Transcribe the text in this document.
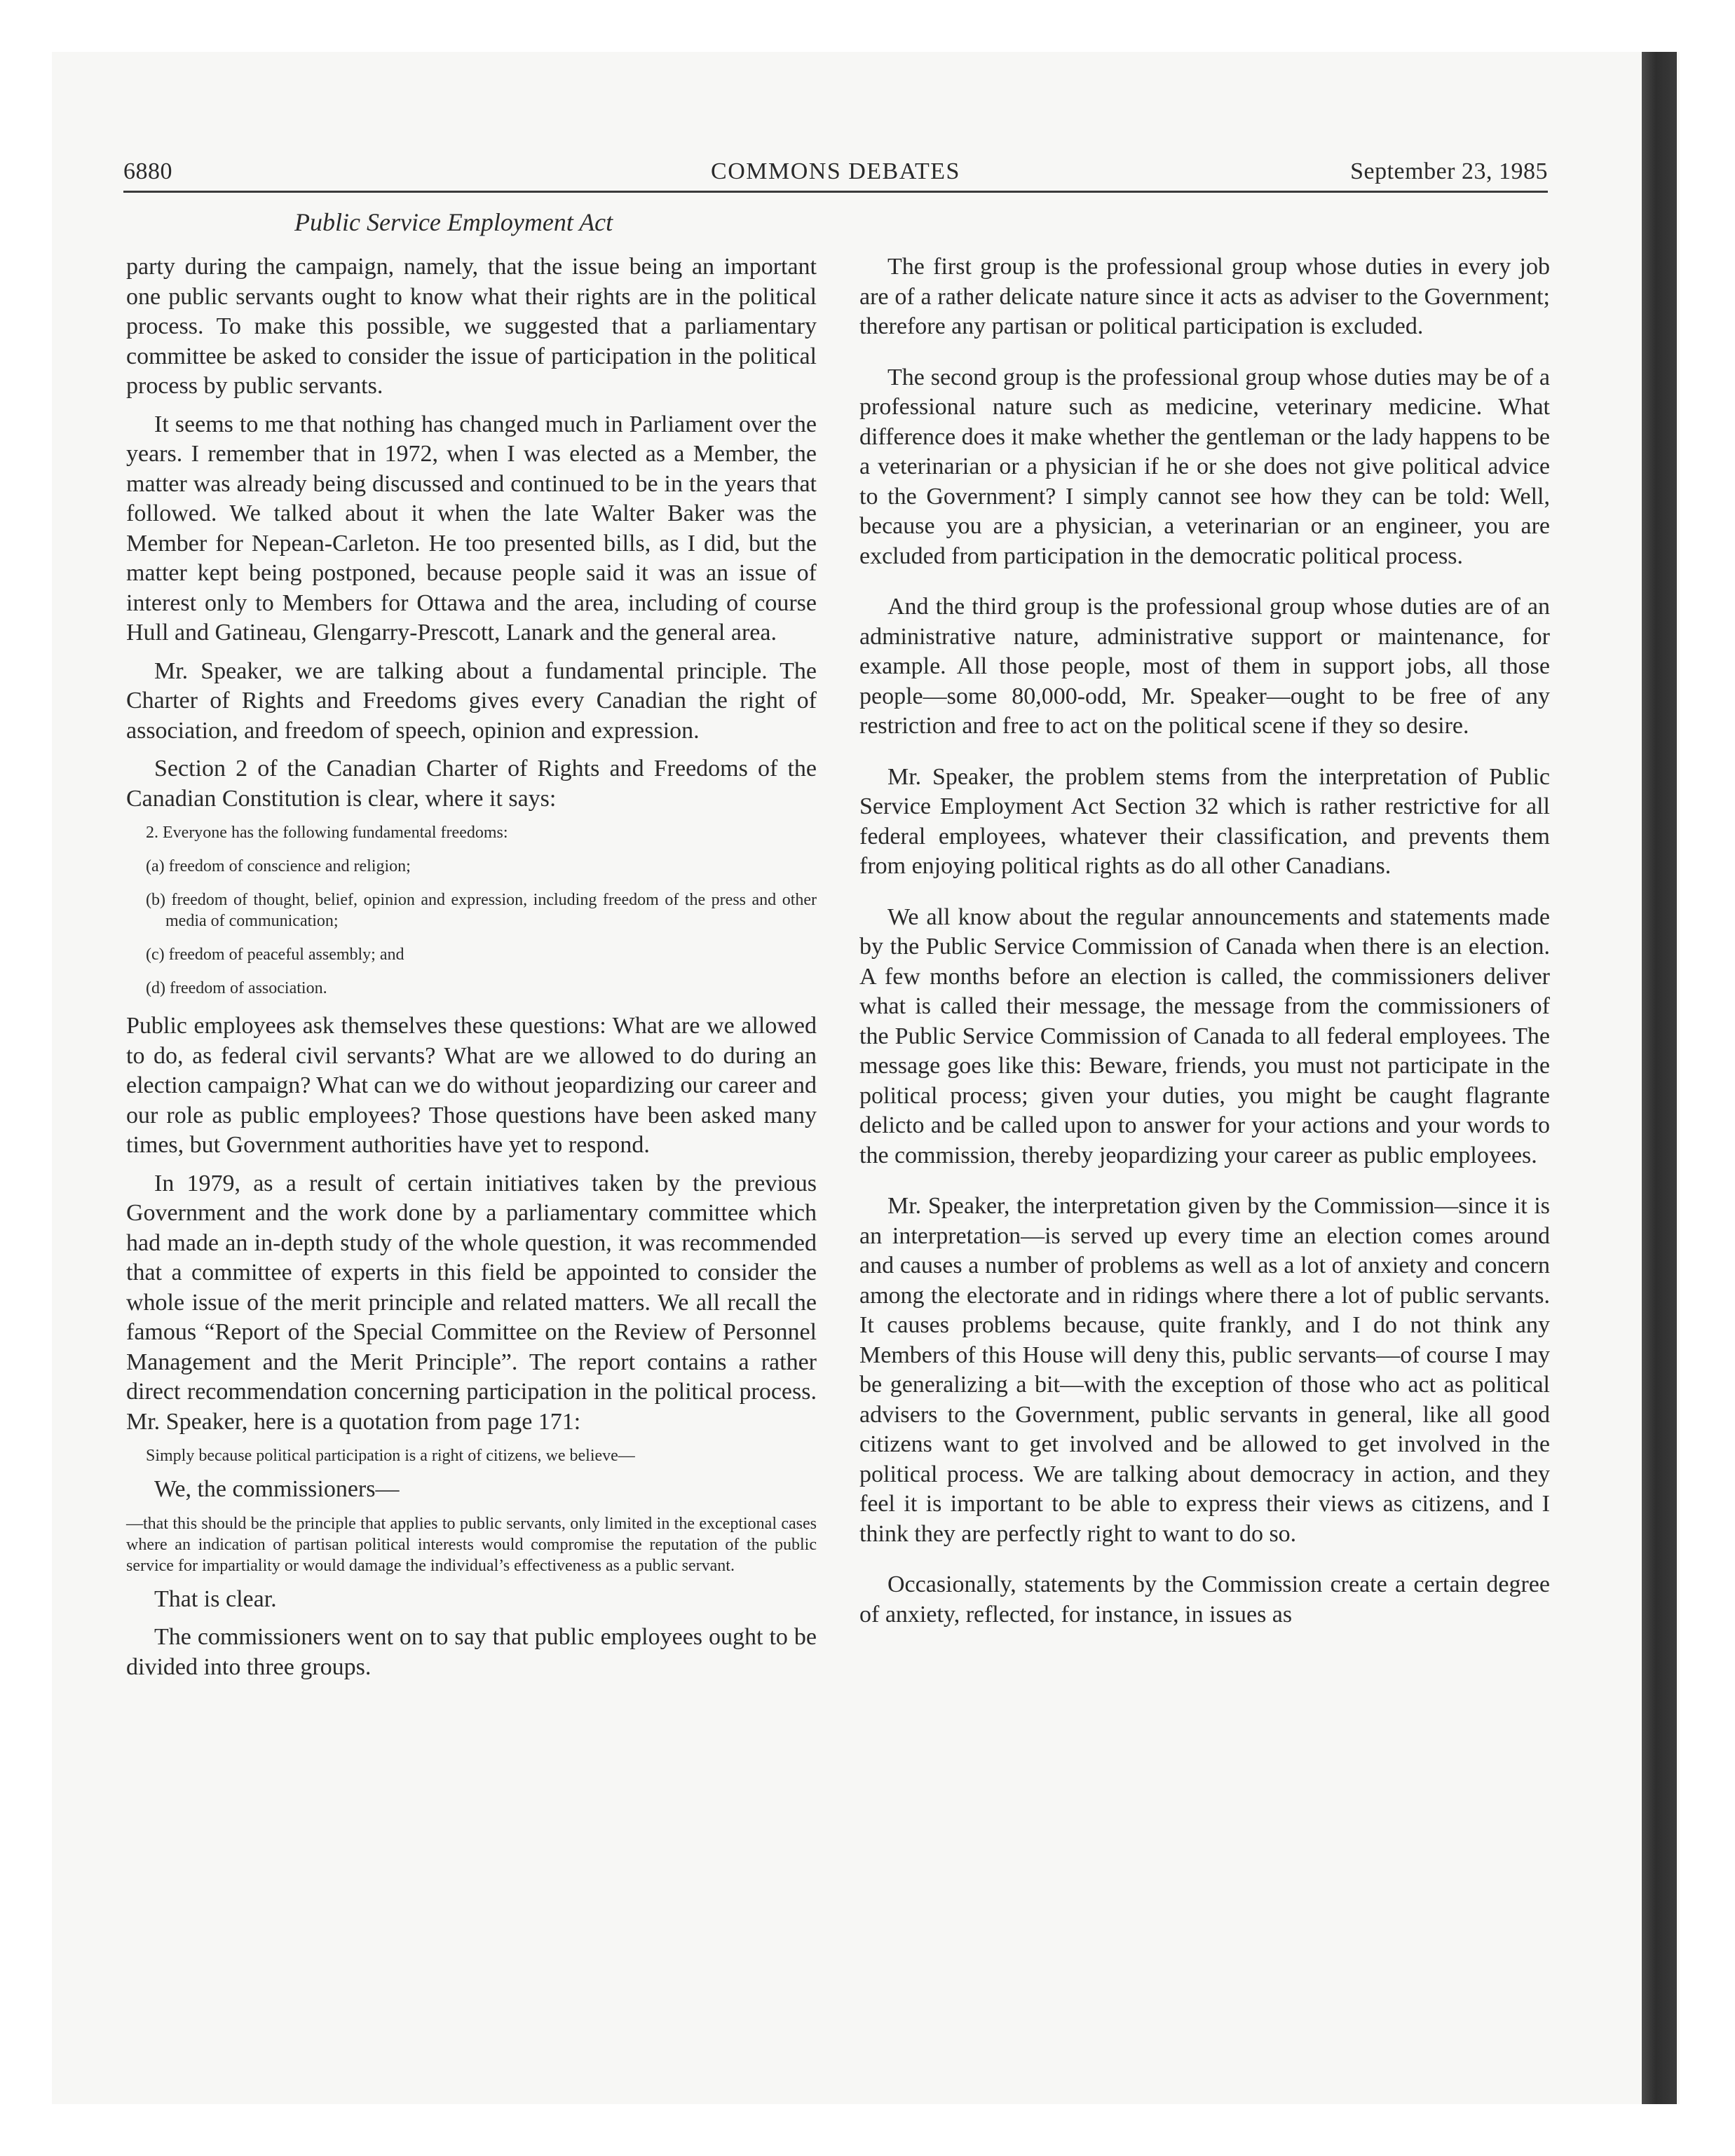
6880	COMMONS DEBATES	September 23, 1985
Public Service Employment Act

party during the campaign, namely, that the issue being an important one public servants ought to know what their rights are in the political process. To make this possible, we suggested that a parliamentary committee be asked to consider the issue of participation in the political process by public servants.

It seems to me that nothing has changed much in Parliament over the years. I remember that in 1972, when I was elected as a Member, the matter was already being discussed and continued to be in the years that followed. We talked about it when the late Walter Baker was the Member for Nepean-Carleton. He too presented bills, as I did, but the matter kept being postponed, because people said it was an issue of interest only to Members for Ottawa and the area, including of course Hull and Gatineau, Glengarry-Prescott, Lanark and the general area.

Mr. Speaker, we are talking about a fundamental principle. The Charter of Rights and Freedoms gives every Canadian the right of association, and freedom of speech, opinion and expression.

Section 2 of the Canadian Charter of Rights and Freedoms of the Canadian Constitution is clear, where it says:

2. Everyone has the following fundamental freedoms:
(a) freedom of conscience and religion;
(b) freedom of thought, belief, opinion and expression, including freedom of the press and other media of communication;
(c) freedom of peaceful assembly; and
(d) freedom of association.

Public employees ask themselves these questions: What are we allowed to do, as federal civil servants? What are we allowed to do during an election campaign? What can we do without jeopardizing our career and our role as public employees? Those questions have been asked many times, but Government authorities have yet to respond.

In 1979, as a result of certain initiatives taken by the previous Government and the work done by a parliamentary committee which had made an in-depth study of the whole question, it was recommended that a committee of experts in this field be appointed to consider the whole issue of the merit principle and related matters. We all recall the famous “Report of the Special Committee on the Review of Personnel Management and the Merit Principle”. The report contains a rather direct recommendation concerning participation in the political process. Mr. Speaker, here is a quotation from page 171:

Simply because political participation is a right of citizens, we believe—
We, the commissioners—
—that this should be the principle that applies to public servants, only limited in the exceptional cases where an indication of partisan political interests would compromise the reputation of the public service for impartiality or would damage the individual’s effectiveness as a public servant.

That is clear.

The commissioners went on to say that public employees ought to be divided into three groups.

The first group is the professional group whose duties in every job are of a rather delicate nature since it acts as adviser to the Government; therefore any partisan or political participation is excluded.

The second group is the professional group whose duties may be of a professional nature such as medicine, veterinary medicine. What difference does it make whether the gentleman or the lady happens to be a veterinarian or a physician if he or she does not give political advice to the Government? I simply cannot see how they can be told: Well, because you are a physician, a veterinarian or an engineer, you are excluded from participation in the democratic political process.

And the third group is the professional group whose duties are of an administrative nature, administrative support or maintenance, for example. All those people, most of them in support jobs, all those people—some 80,000-odd, Mr. Speaker—ought to be free of any restriction and free to act on the political scene if they so desire.

Mr. Speaker, the problem stems from the interpretation of Public Service Employment Act Section 32 which is rather restrictive for all federal employees, whatever their classification, and prevents them from enjoying political rights as do all other Canadians.

We all know about the regular announcements and statements made by the Public Service Commission of Canada when there is an election. A few months before an election is called, the commissioners deliver what is called their message, the message from the commissioners of the Public Service Commission of Canada to all federal employees. The message goes like this: Beware, friends, you must not participate in the political process; given your duties, you might be caught flagrante delicto and be called upon to answer for your actions and your words to the commission, thereby jeopardizing your career as public employees.

Mr. Speaker, the interpretation given by the Commission—since it is an interpretation—is served up every time an election comes around and causes a number of problems as well as a lot of anxiety and concern among the electorate and in ridings where there a lot of public servants. It causes problems because, quite frankly, and I do not think any Members of this House will deny this, public servants—of course I may be generalizing a bit—with the exception of those who act as political advisers to the Government, public servants in general, like all good citizens want to get involved and be allowed to get involved in the political process. We are talking about democracy in action, and they feel it is important to be able to express their views as citizens, and I think they are perfectly right to want to do so.

Occasionally, statements by the Commission create a certain degree of anxiety, reflected, for instance, in issues as
